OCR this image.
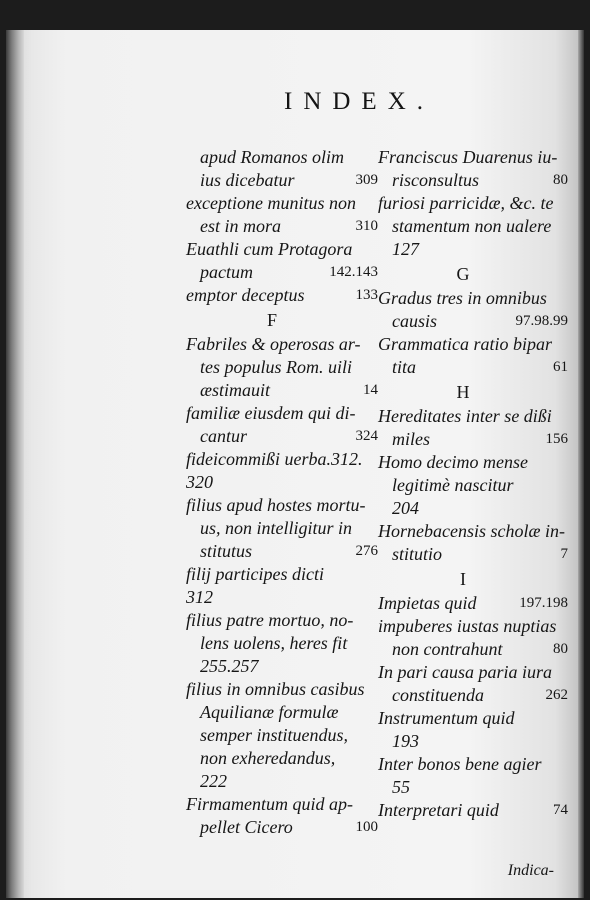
INDEX.
apud Romanos olim
ius dicebatur	309
exceptione munitus non
est in mora	310
Euathli cum Protagora
pactum	142.143
emptor deceptus	133
F
Fabriles & operosas ar-
tes populus Rom. uili
æstimauit	14
familiæ eiusdem qui di-
cantur	324
fideicommißi uerba.312.
320
filius apud hostes mortu-
us, non intelligitur in
stitutus	276
filij participes dicti
312
filius patre mortuo, no-
lens uolens, heres fit
255.257
filius in omnibus casibus
Aquilianæ formulæ
semper instituendus,
non exheredandus,
222
Firmamentum quid ap-
pellet Cicero	100
Franciscus Duarenus iu-
risconsultus	80
furiosi parricidæ, &c. te
stamentum non ualere
127
G
Gradus tres in omnibus
causis	97.98.99
Grammatica ratio bipar
tita	61
H
Hereditates inter se dißi
miles	156
Homo decimo mense
legitimè nascitur
204
Hornebacensis scholæ in-
stitutio	7
I
Impietas quid	197.198
impuberes iustas nuptias
non contrahunt	80
In pari causa paria iura
constituenda	262
Instrumentum quid
193
Inter bonos bene agier
55
Interpretari quid	74
Indica-
